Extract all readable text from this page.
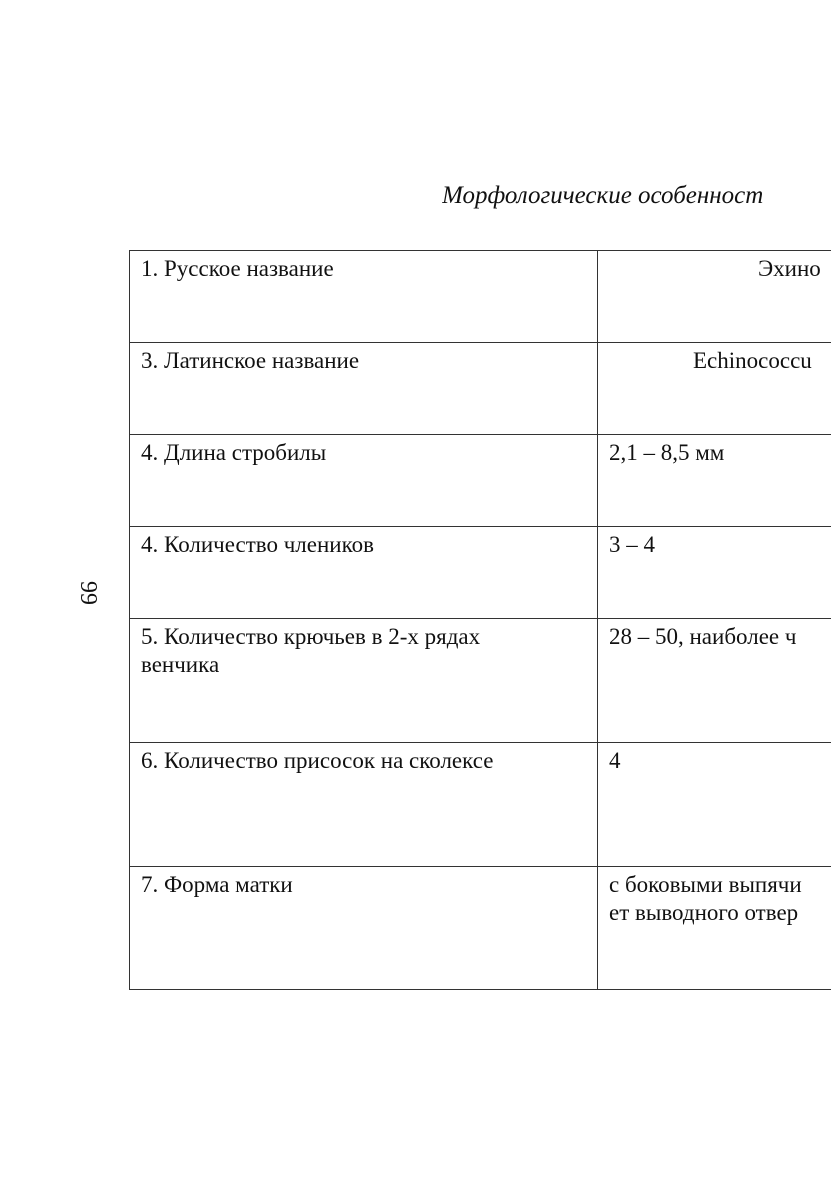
99
Морфологические особенност
1. Русское название	Эхино
3. Латинское название	Echinococcu
4. Длина стробилы	2,1 – 8,5 мм
4. Количество члеников	3 – 4
5. Количество крючьев в 2-х рядах
венчика	28 – 50, наиболее ч
6. Количество присосок на сколексе	4
7. Форма матки	с боковыми выпячи
ет выводного отвер
